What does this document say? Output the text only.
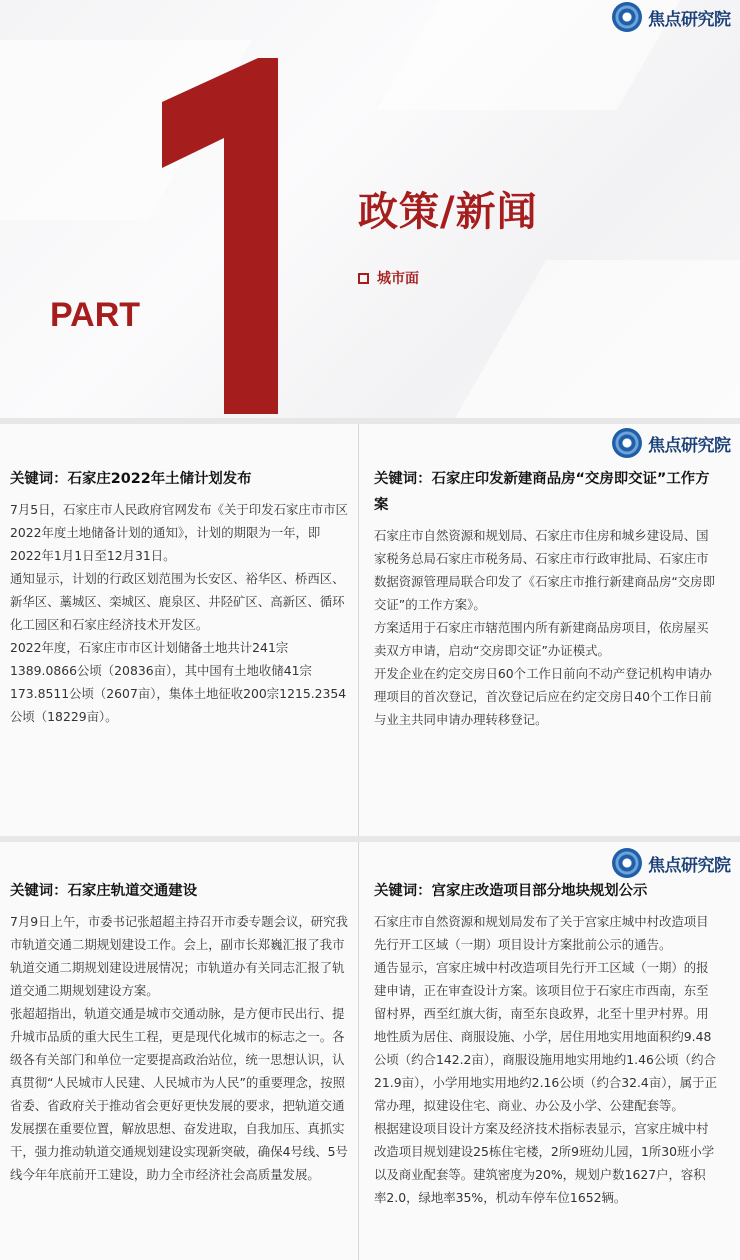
焦点研究院
PART
政策/新闻
城市面
焦点研究院
关键词：石家庄2022年土储计划发布

7月5日，石家庄市人民政府官网发布《关于印发石家庄市市区2022年度土地储备计划的通知》，计划的期限为一年，即2022年1月1日至12月31日。

通知显示，计划的行政区划范围为长安区、裕华区、桥西区、新华区、藁城区、栾城区、鹿泉区、井陉矿区、高新区、循环化工园区和石家庄经济技术开发区。

2022年度，石家庄市市区计划储备土地共计241宗1389.0866公顷（20836亩），其中国有土地收储41宗173.8511公顷（2607亩），集体土地征收200宗1215.2354公顷（18229亩）。

关键词：石家庄印发新建商品房“交房即交证”工作方案

石家庄市自然资源和规划局、石家庄市住房和城乡建设局、国家税务总局石家庄市税务局、石家庄市行政审批局、石家庄市数据资源管理局联合印发了《石家庄市推行新建商品房“交房即交证”的工作方案》。

方案适用于石家庄市辖范围内所有新建商品房项目，依房屋买卖双方申请，启动“交房即交证”办证模式。

开发企业在约定交房日60个工作日前向不动产登记机构申请办理项目的首次登记，首次登记后应在约定交房日40个工作日前与业主共同申请办理转移登记。

焦点研究院
关键词：石家庄轨道交通建设

7月9日上午，市委书记张超超主持召开市委专题会议，研究我市轨道交通二期规划建设工作。会上，副市长郑巍汇报了我市轨道交通二期规划建设进展情况；市轨道办有关同志汇报了轨道交通二期规划建设方案。

张超超指出，轨道交通是城市交通动脉，是方便市民出行、提升城市品质的重大民生工程，更是现代化城市的标志之一。各级各有关部门和单位一定要提高政治站位，统一思想认识，认真贯彻“人民城市人民建、人民城市为人民”的重要理念，按照省委、省政府关于推动省会更好更快发展的要求，把轨道交通发展摆在重要位置，解放思想、奋发进取，自我加压、真抓实干，强力推动轨道交通规划建设实现新突破，确保4号线、5号线今年年底前开工建设，助力全市经济社会高质量发展。

关键词：宫家庄改造项目部分地块规划公示

石家庄市自然资源和规划局发布了关于宫家庄城中村改造项目先行开工区域（一期）项目设计方案批前公示的通告。

通告显示，宫家庄城中村改造项目先行开工区域（一期）的报建申请，正在审查设计方案。该项目位于石家庄市西南，东至留村界，西至红旗大街，南至东良政界，北至十里尹村界。用地性质为居住、商服设施、小学，居住用地实用地面积约9.48公顷（约合142.2亩），商服设施用地实用地约1.46公顷（约合21.9亩），小学用地实用地约2.16公顷（约合32.4亩），属于正常办理，拟建设住宅、商业、办公及小学、公建配套等。

根据建设项目设计方案及经济技术指标表显示，宫家庄城中村改造项目规划建设25栋住宅楼，2所9班幼儿园，1所30班小学以及商业配套等。建筑密度为20%，规划户数1627户，容积率2.0，绿地率35%，机动车停车位1652辆。
